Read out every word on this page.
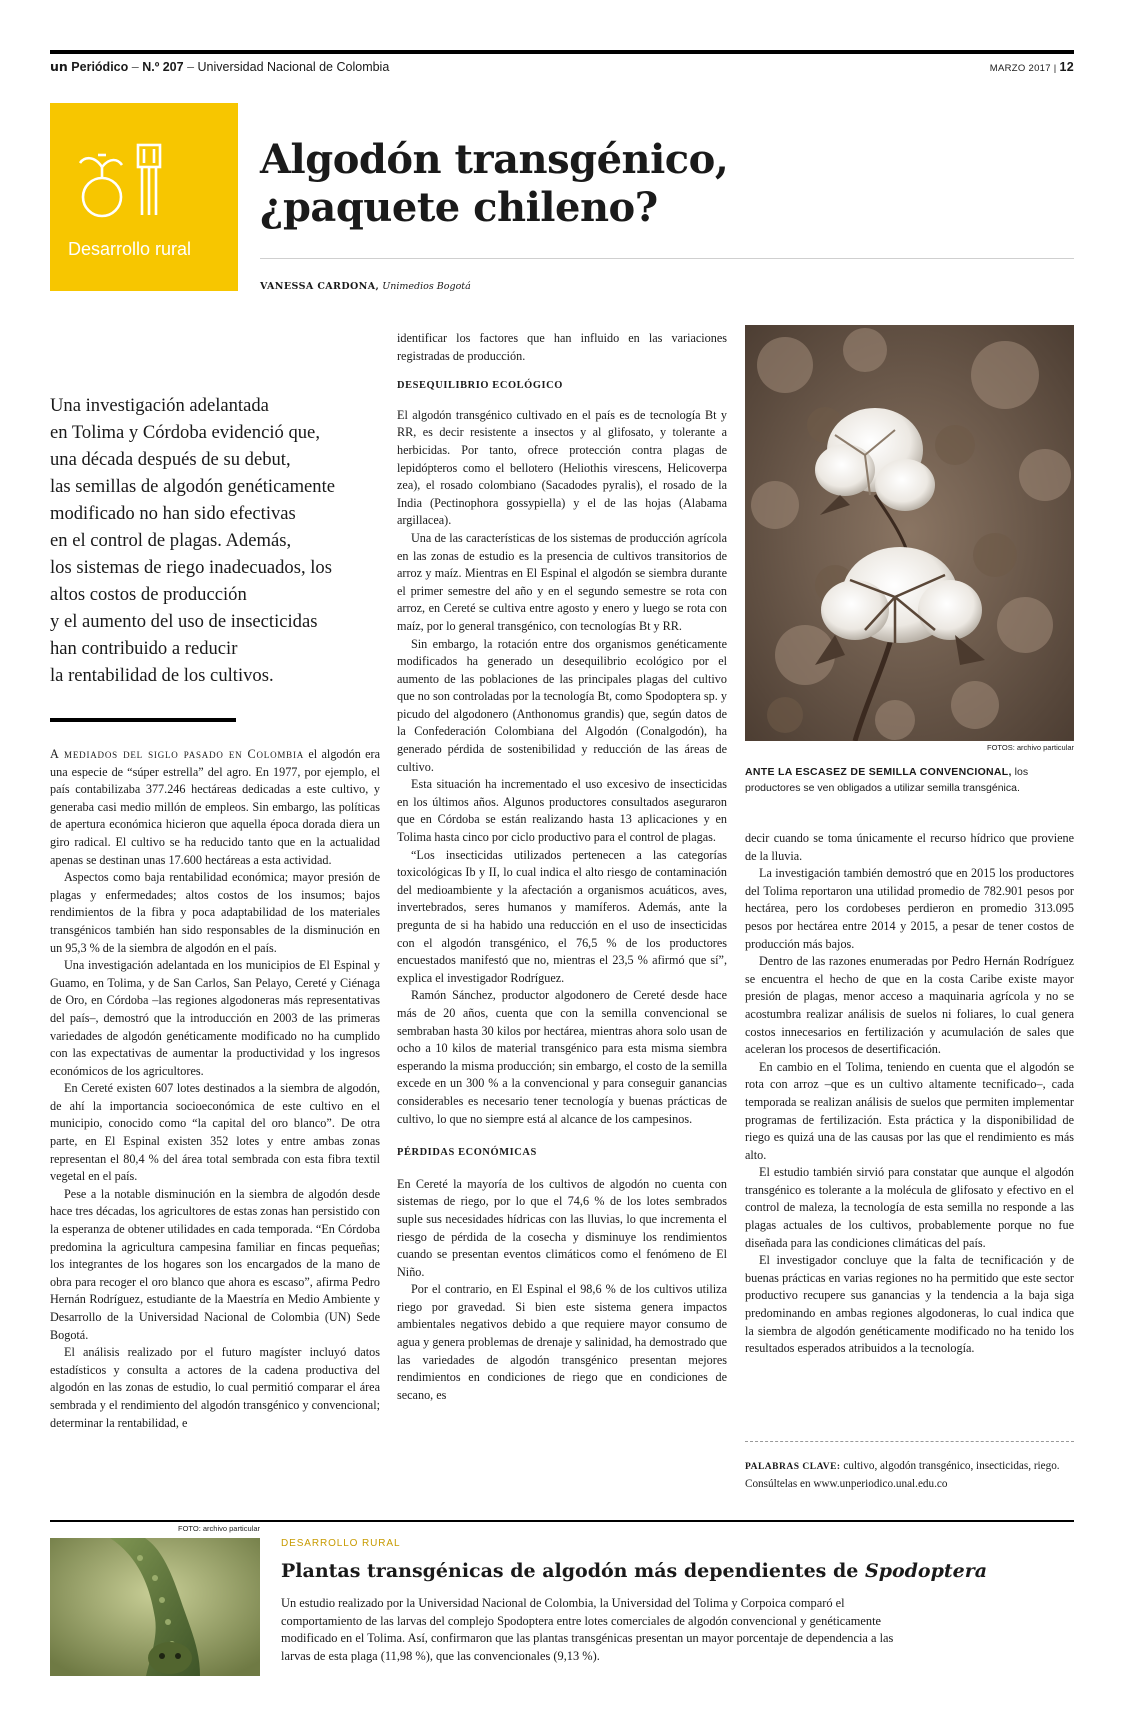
un Periódico – N.º 207 – Universidad Nacional de Colombia	MARZO 2017 | 12
Desarrollo rural
Algodón transgénico,
¿paquete chileno?
VANESSA CARDONA, Unimedios Bogotá
Una investigación adelantada
en Tolima y Córdoba evidenció que,
una década después de su debut,
las semillas de algodón genéticamente
modificado no han sido efectivas
en el control de plagas. Además,
los sistemas de riego inadecuados, los
altos costos de producción
y el aumento del uso de insecticidas
han contribuido a reducir
la rentabilidad de los cultivos.

A mediados del siglo pasado en Colombia el algodón era una especie de “súper estrella” del agro. En 1977, por ejemplo, el país contabilizaba 377.246 hectáreas dedicadas a este cultivo, y generaba casi medio millón de empleos. Sin embargo, las políticas de apertura económica hicieron que aquella época dorada diera un giro radical. El cultivo se ha reducido tanto que en la actualidad apenas se destinan unas 17.600 hectáreas a esta actividad.

Aspectos como baja rentabilidad económica; mayor presión de plagas y enfermedades; altos costos de los insumos; bajos rendimientos de la fibra y poca adaptabilidad de los materiales transgénicos también han sido responsables de la disminución en un 95,3 % de la siembra de algodón en el país.

Una investigación adelantada en los municipios de El Espinal y Guamo, en Tolima, y de San Carlos, San Pelayo, Cereté y Ciénaga de Oro, en Córdoba –las regiones algodoneras más representativas del país–, demostró que la introducción en 2003 de las primeras variedades de algodón genéticamente modificado no ha cumplido con las expectativas de aumentar la productividad y los ingresos económicos de los agricultores.

En Cereté existen 607 lotes destinados a la siembra de algodón, de ahí la importancia socioeconómica de este cultivo en el municipio, conocido como “la capital del oro blanco”. De otra parte, en El Espinal existen 352 lotes y entre ambas zonas representan el 80,4 % del área total sembrada con esta fibra textil vegetal en el país.

Pese a la notable disminución en la siembra de algodón desde hace tres décadas, los agricultores de estas zonas han persistido con la esperanza de obtener utilidades en cada temporada. “En Córdoba predomina la agricultura campesina familiar en fincas pequeñas; los integrantes de los hogares son los encargados de la mano de obra para recoger el oro blanco que ahora es escaso”, afirma Pedro Hernán Rodríguez, estudiante de la Maestría en Medio Ambiente y Desarrollo de la Universidad Nacional de Colombia (UN) Sede Bogotá.

El análisis realizado por el futuro magíster incluyó datos estadísticos y consulta a actores de la cadena productiva del algodón en las zonas de estudio, lo cual permitió comparar el área sembrada y el rendimiento del algodón transgénico y convencional; determinar la rentabilidad, e

identificar los factores que han influido en las variaciones registradas de producción.

DESEQUILIBRIO ECOLÓGICO

El algodón transgénico cultivado en el país es de tecnología Bt y RR, es decir resistente a insectos y al glifosato, y tolerante a herbicidas. Por tanto, ofrece protección contra plagas de lepidópteros como el bellotero (Heliothis virescens, Helicoverpa zea), el rosado colombiano (Sacadodes pyralis), el rosado de la India (Pectinophora gossypiella) y el de las hojas (Alabama argillacea).

Una de las características de los sistemas de producción agrícola en las zonas de estudio es la presencia de cultivos transitorios de arroz y maíz. Mientras en El Espinal el algodón se siembra durante el primer semestre del año y en el segundo semestre se rota con arroz, en Cereté se cultiva entre agosto y enero y luego se rota con maíz, por lo general transgénico, con tecnologías Bt y RR.

Sin embargo, la rotación entre dos organismos genéticamente modificados ha generado un desequilibrio ecológico por el aumento de las poblaciones de las principales plagas del cultivo que no son controladas por la tecnología Bt, como Spodoptera sp. y picudo del algodonero (Anthonomus grandis) que, según datos de la Confederación Colombiana del Algodón (Conalgodón), ha generado pérdida de sostenibilidad y reducción de las áreas de cultivo.

Esta situación ha incrementado el uso excesivo de insecticidas en los últimos años. Algunos productores consultados aseguraron que en Córdoba se están realizando hasta 13 aplicaciones y en Tolima hasta cinco por ciclo productivo para el control de plagas.

“Los insecticidas utilizados pertenecen a las categorías toxicológicas Ib y II, lo cual indica el alto riesgo de contaminación del medioambiente y la afectación a organismos acuáticos, aves, invertebrados, seres humanos y mamíferos. Además, ante la pregunta de si ha habido una reducción en el uso de insecticidas con el algodón transgénico, el 76,5 % de los productores encuestados manifestó que no, mientras el 23,5 % afirmó que sí”, explica el investigador Rodríguez.

Ramón Sánchez, productor algodonero de Cereté desde hace más de 20 años, cuenta que con la semilla convencional se sembraban hasta 30 kilos por hectárea, mientras ahora solo usan de ocho a 10 kilos de material transgénico para esta misma siembra esperando la misma producción; sin embargo, el costo de la semilla excede en un 300 % a la convencional y para conseguir ganancias considerables es necesario tener tecnología y buenas prácticas de cultivo, lo que no siempre está al alcance de los campesinos.

PÉRDIDAS ECONÓMICAS

En Cereté la mayoría de los cultivos de algodón no cuenta con sistemas de riego, por lo que el 74,6 % de los lotes sembrados suple sus necesidades hídricas con las lluvias, lo que incrementa el riesgo de pérdida de la cosecha y disminuye los rendimientos cuando se presentan eventos climáticos como el fenómeno de El Niño.

Por el contrario, en El Espinal el 98,6 % de los cultivos utiliza riego por gravedad. Si bien este sistema genera impactos ambientales negativos debido a que requiere mayor consumo de agua y genera problemas de drenaje y salinidad, ha demostrado que las variedades de algodón transgénico presentan mejores rendimientos en condiciones de riego que en condiciones de secano, es

FOTOS: archivo particular
ANTE LA ESCASEZ DE SEMILLA CONVENCIONAL, los productores se ven obligados a utilizar semilla transgénica.

decir cuando se toma únicamente el recurso hídrico que proviene de la lluvia.

La investigación también demostró que en 2015 los productores del Tolima reportaron una utilidad promedio de 782.901 pesos por hectárea, pero los cordobeses perdieron en promedio 313.095 pesos por hectárea entre 2014 y 2015, a pesar de tener costos de producción más bajos.

Dentro de las razones enumeradas por Pedro Hernán Rodríguez se encuentra el hecho de que en la costa Caribe existe mayor presión de plagas, menor acceso a maquinaria agrícola y no se acostumbra realizar análisis de suelos ni foliares, lo cual genera costos innecesarios en fertilización y acumulación de sales que aceleran los procesos de desertificación.

En cambio en el Tolima, teniendo en cuenta que el algodón se rota con arroz –que es un cultivo altamente tecnificado–, cada temporada se realizan análisis de suelos que permiten implementar programas de fertilización. Esta práctica y la disponibilidad de riego es quizá una de las causas por las que el rendimiento es más alto.

El estudio también sirvió para constatar que aunque el algodón transgénico es tolerante a la molécula de glifosato y efectivo en el control de maleza, la tecnología de esta semilla no responde a las plagas actuales de los cultivos, probablemente porque no fue diseñada para las condiciones climáticas del país.

El investigador concluye que la falta de tecnificación y de buenas prácticas en varias regiones no ha permitido que este sector productivo recupere sus ganancias y la tendencia a la baja siga predominando en ambas regiones algodoneras, lo cual indica que la siembra de algodón genéticamente modificado no ha tenido los resultados esperados atribuidos a la tecnología.

PALABRAS CLAVE: cultivo, algodón transgénico, insecticidas, riego. Consúltelas en www.unperiodico.unal.edu.co
FOTO: archivo particular
DESARROLLO RURAL
Plantas transgénicas de algodón más dependientes de Spodoptera
Un estudio realizado por la Universidad Nacional de Colombia, la Universidad del Tolima y Corpoica comparó el comportamiento de las larvas del complejo Spodoptera entre lotes comerciales de algodón convencional y genéticamente modificado en el Tolima. Así, confirmaron que las plantas transgénicas presentan un mayor porcentaje de dependencia a las larvas de esta plaga (11,98 %), que las convencionales (9,13 %).
